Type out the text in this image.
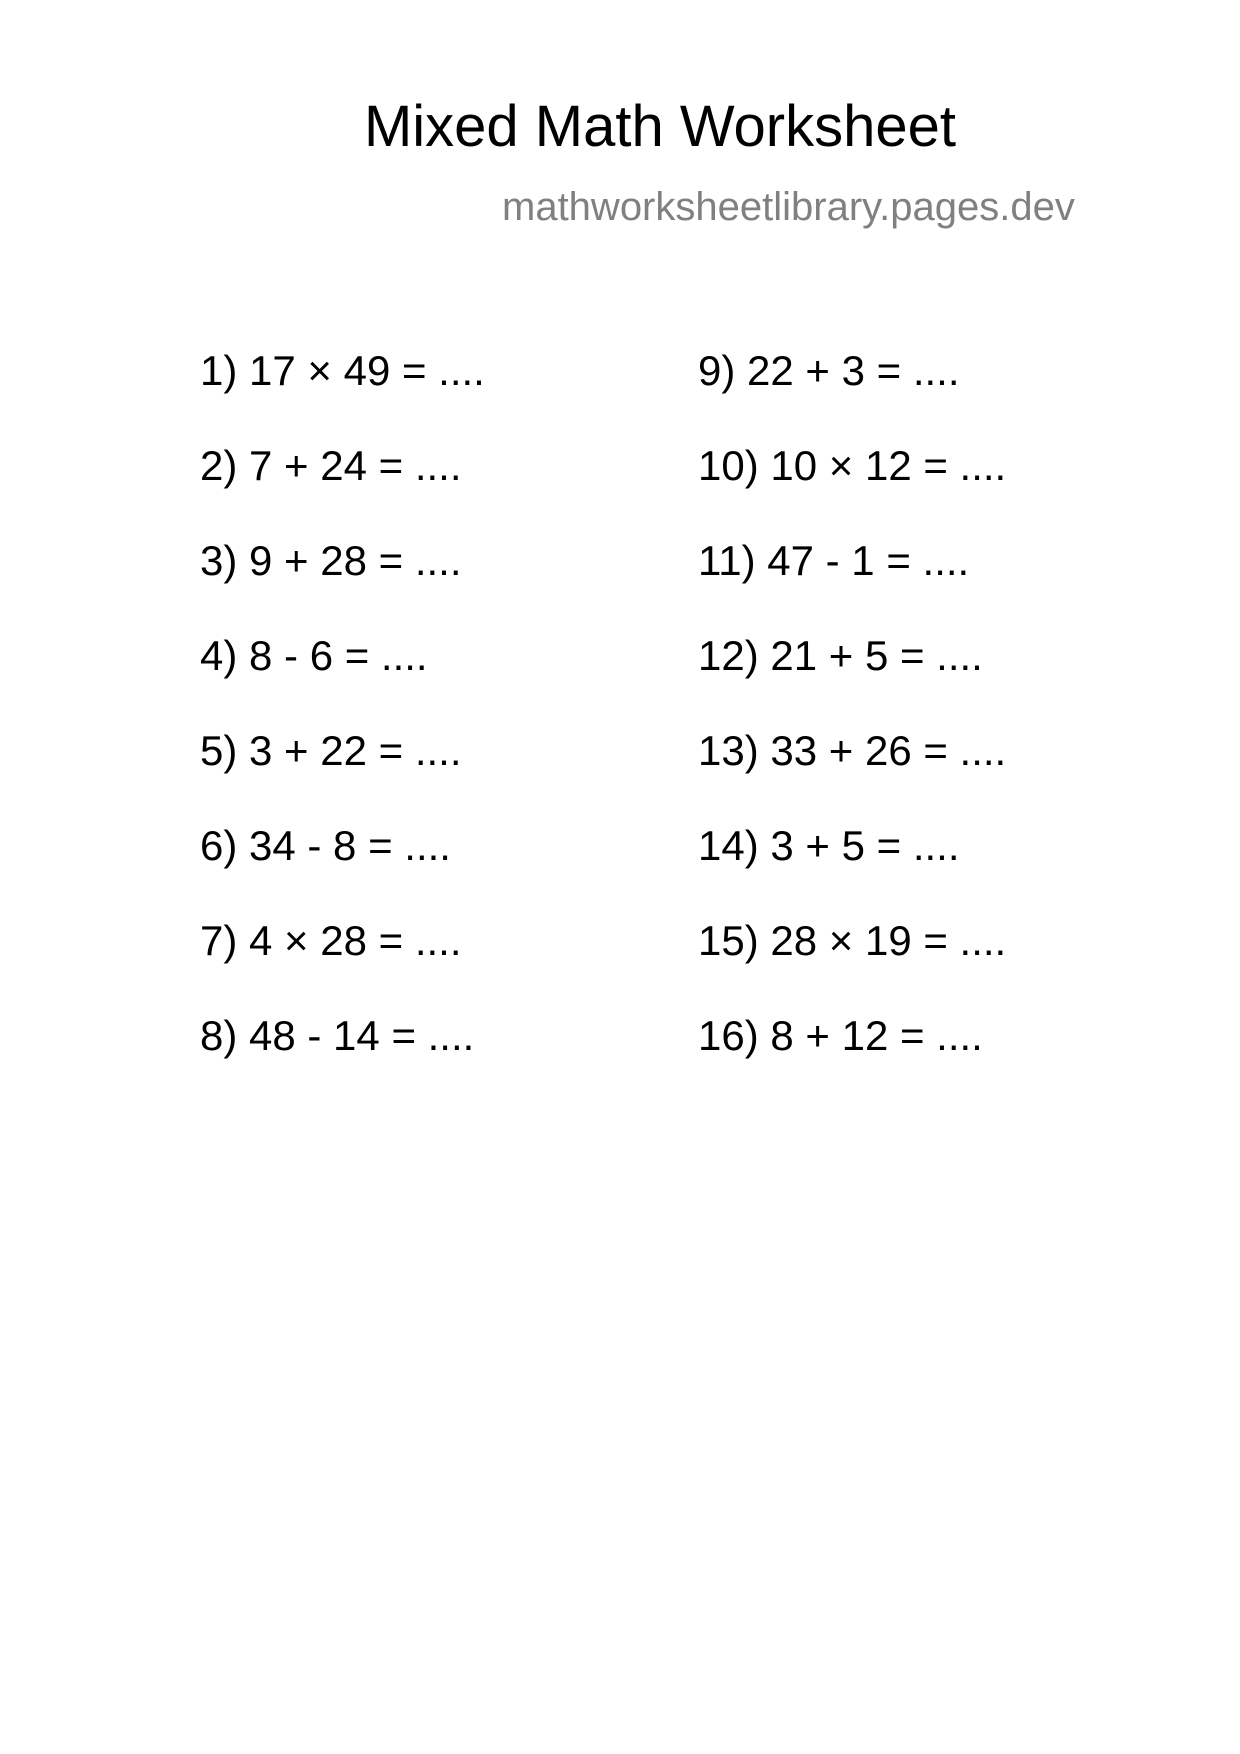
Mixed Math Worksheet
mathworksheetlibrary.pages.dev
1) 17 × 49 = ....
2) 7 + 24 = ....
3) 9 + 28 = ....
4) 8 - 6 = ....
5) 3 + 22 = ....
6) 34 - 8 = ....
7) 4 × 28 = ....
8) 48 - 14 = ....
9) 22 + 3 = ....
10) 10 × 12 = ....
11) 47 - 1 = ....
12) 21 + 5 = ....
13) 33 + 26 = ....
14) 3 + 5 = ....
15) 28 × 19 = ....
16) 8 + 12 = ....
